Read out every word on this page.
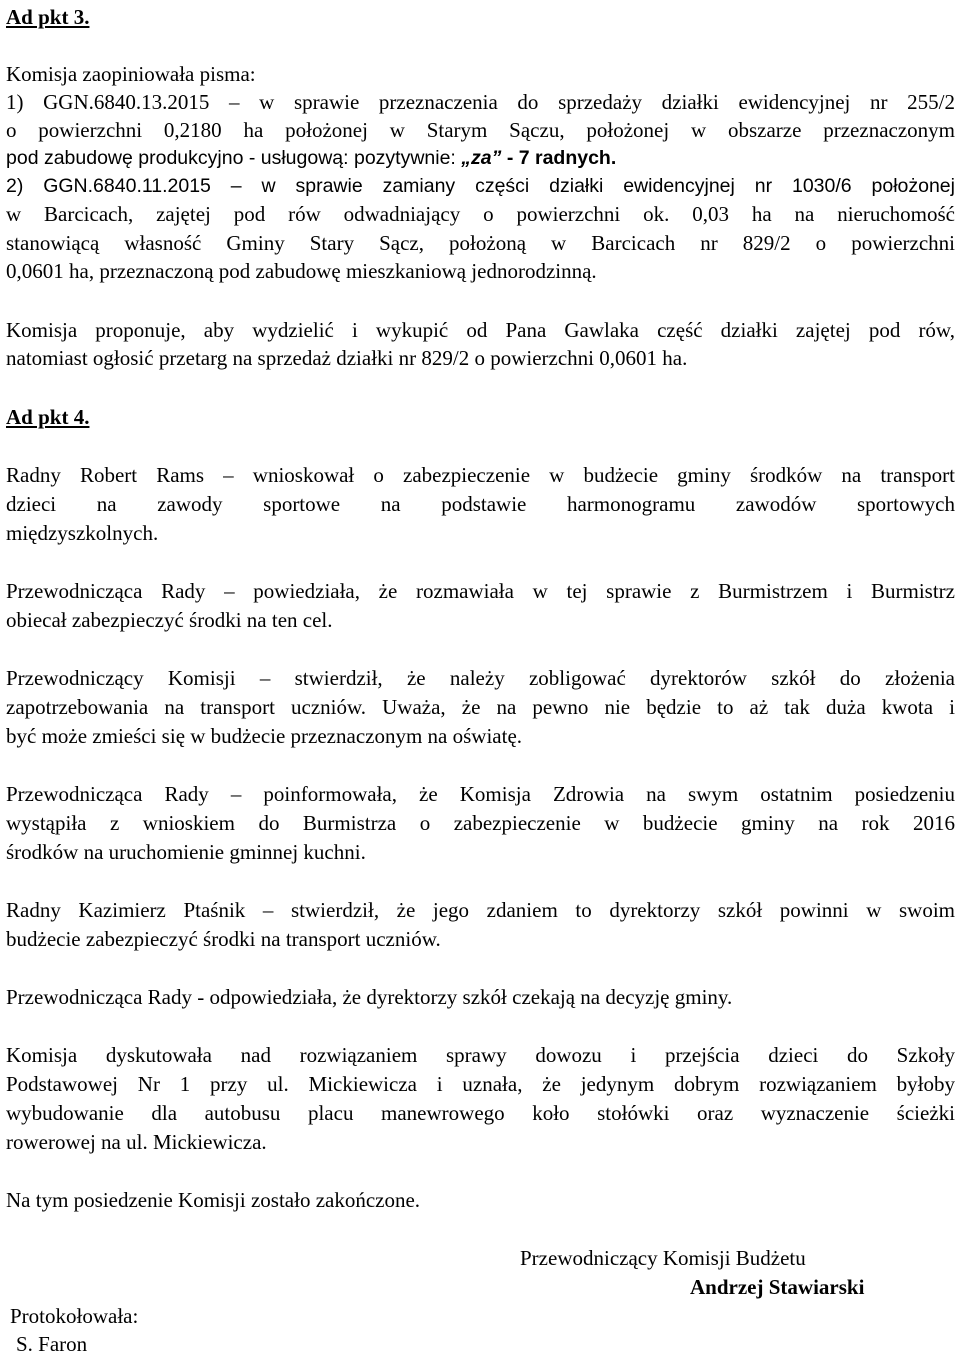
Ad pkt 3.
Komisja zaopiniowała pisma:
1) GGN.6840.13.2015 – w sprawie przeznaczenia do sprzedaży działki ewidencyjnej nr 255/2
o powierzchni 0,2180 ha położonej w Starym Sączu, położonej w obszarze przeznaczonym
pod zabudowę produkcyjno - usługową: pozytywnie: „za” - 7 radnych.
2) GGN.6840.11.2015 – w sprawie zamiany części działki ewidencyjnej nr 1030/6 położonej
w Barcicach, zajętej pod rów odwadniający o powierzchni ok. 0,03 ha na nieruchomość
stanowiącą własność Gminy Stary Sącz, położoną w Barcicach nr 829/2 o powierzchni
0,0601 ha, przeznaczoną pod zabudowę mieszkaniową jednorodzinną.
Komisja proponuje, aby wydzielić i wykupić od Pana Gawlaka część działki zajętej pod rów,
natomiast ogłosić przetarg na sprzedaż działki nr 829/2 o powierzchni 0,0601 ha.
Ad pkt 4.
Radny Robert Rams – wnioskował o zabezpieczenie w budżecie gminy środków na transport
dzieci na zawody sportowe na podstawie harmonogramu zawodów sportowych
międzyszkolnych.
Przewodnicząca Rady – powiedziała, że rozmawiała w tej sprawie z Burmistrzem i Burmistrz
obiecał zabezpieczyć środki na ten cel.
Przewodniczący Komisji – stwierdził, że należy zobligować dyrektorów szkół do złożenia
zapotrzebowania na transport uczniów. Uważa, że na pewno nie będzie to aż tak duża kwota i
być może zmieści się w budżecie przeznaczonym na oświatę.
Przewodnicząca Rady – poinformowała, że Komisja Zdrowia na swym ostatnim posiedzeniu
wystąpiła z wnioskiem do Burmistrza o zabezpieczenie w budżecie gminy na rok 2016
środków na uruchomienie gminnej kuchni.
Radny Kazimierz Ptaśnik – stwierdził, że jego zdaniem to dyrektorzy szkół powinni w swoim
budżecie zabezpieczyć środki na transport uczniów.
Przewodnicząca Rady - odpowiedziała, że dyrektorzy szkół czekają na decyzję gminy.
Komisja dyskutowała nad rozwiązaniem sprawy dowozu i przejścia dzieci do Szkoły
Podstawowej Nr 1 przy ul. Mickiewicza i uznała, że jedynym dobrym rozwiązaniem byłoby
wybudowanie dla autobusu placu manewrowego koło stołówki oraz wyznaczenie ścieżki
rowerowej na ul. Mickiewicza.
Na tym posiedzenie Komisji zostało zakończone.
Przewodniczący Komisji Budżetu
Andrzej Stawiarski
Protokołowała:
S. Faron
